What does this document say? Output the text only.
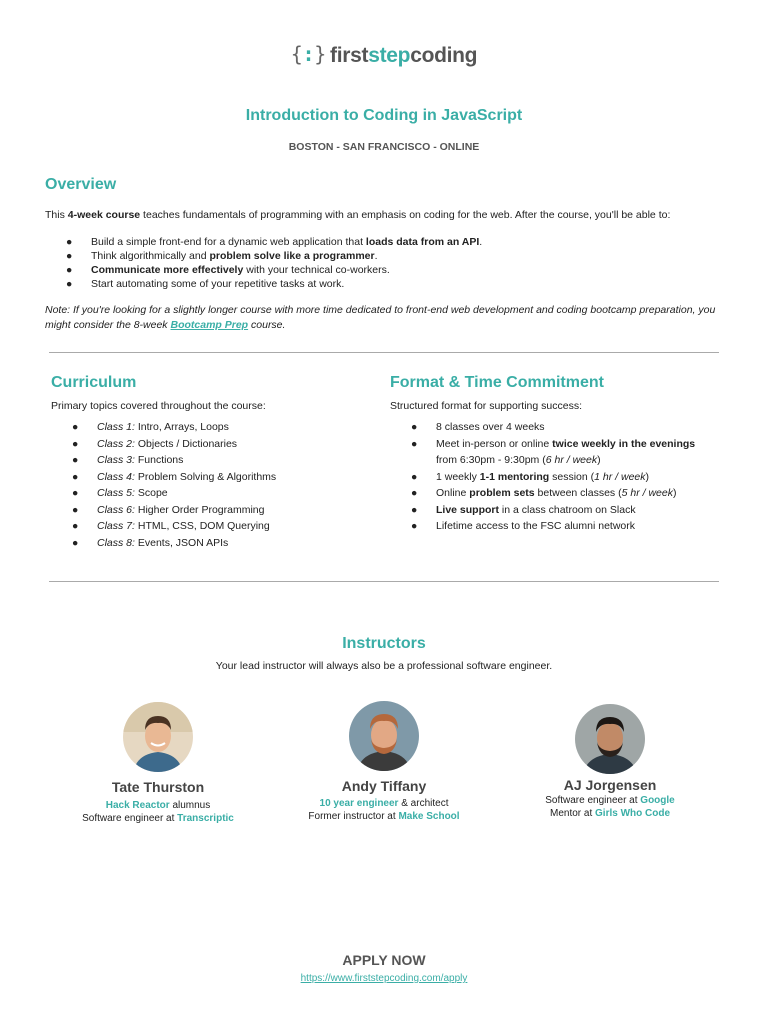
{:} firststepcoding
Introduction to Coding in JavaScript
BOSTON - SAN FRANCISCO - ONLINE
Overview
This 4-week course teaches fundamentals of programming with an emphasis on coding for the web. After the course, you'll be able to:
● Build a simple front-end for a dynamic web application that loads data from an API.
● Think algorithmically and problem solve like a programmer.
● Communicate more effectively with your technical co-workers.
● Start automating some of your repetitive tasks at work.
Note: If you're looking for a slightly longer course with more time dedicated to front-end web development and coding bootcamp preparation, you might consider the 8-week Bootcamp Prep course.
Curriculum
Primary topics covered throughout the course:
● Class 1: Intro, Arrays, Loops
● Class 2: Objects / Dictionaries
● Class 3: Functions
● Class 4: Problem Solving & Algorithms
● Class 5: Scope
● Class 6: Higher Order Programming
● Class 7: HTML, CSS, DOM Querying
● Class 8: Events, JSON APIs
Format & Time Commitment
Structured format for supporting success:
● 8 classes over 4 weeks
● Meet in-person or online twice weekly in the evenings
from 6:30pm - 9:30pm (6 hr / week)
● 1 weekly 1-1 mentoring session (1 hr / week)
● Online problem sets between classes (5 hr / week)
● Live support in a class chatroom on Slack
● Lifetime access to the FSC alumni network
Instructors
Your lead instructor will always also be a professional software engineer.
Tate Thurston
Hack Reactor alumnus
Software engineer at Transcriptic
Andy Tiffany
10 year engineer & architect
Former instructor at Make School
AJ Jorgensen
Software engineer at Google
Mentor at Girls Who Code
APPLY NOW
https://www.firststepcoding.com/apply
